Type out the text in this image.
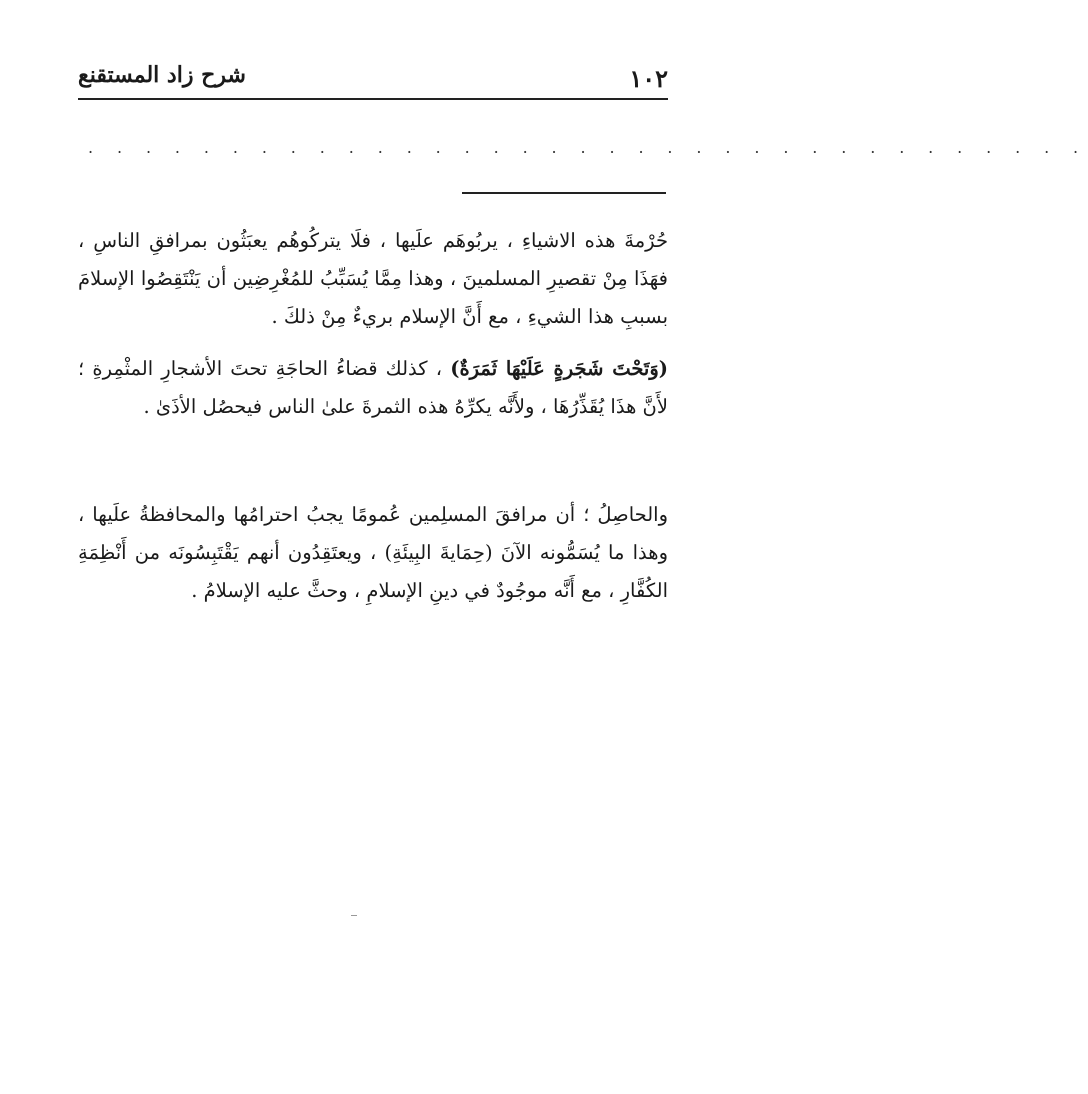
١٠٢
شرح زاد المستقنع
. . . . . . . . . . . . . . . . . . . . . . . . . . . . . . . . . . .

حُرْمةَ هذه الاشياءِ ، يربُوهَم علَيها ، فلَا يتركُوهُم يعبَثُون بمرافقِ الناسِ ، فهَذَا مِنْ تقصيرِ المسلمينَ ، وهذا مِمَّا يُسَبِّبُ للمُغْرِضِين أن يَنْتَقِصُوا الإسلامَ بسببِ هذا الشيءِ ، مع أَنَّ الإسلام بريءٌ مِنْ ذلكَ .

(وَتَحْتَ شَجَرةٍ عَلَيْهَا ثَمَرَةٌ) ، كذلك قضاءُ الحاجَةِ تحتَ الأشجارِ المثْمِرةِ ؛ لأَنَّ هذَا يُقَذِّرُهَا ، ولأَنَّه يكرِّهُ هذه الثمرةَ علىٰ الناس فيحصُل الأذَىٰ .

والحاصِلُ ؛ أن مرافقَ المسلِمين عُمومًا يجبُ احترامُها والمحافظةُ علَيها ، وهذا ما يُسَمُّونه الآنَ (حِمَايةَ البِيئَةِ) ، ويعتَقِدُون أنهم يَقْتَبِسُونَه من أَنْظِمَةِ الكُفَّارِ ، مع أَنَّه موجُودٌ في دينِ الإسلامِ ، وحثَّ عليه الإسلامُ .
